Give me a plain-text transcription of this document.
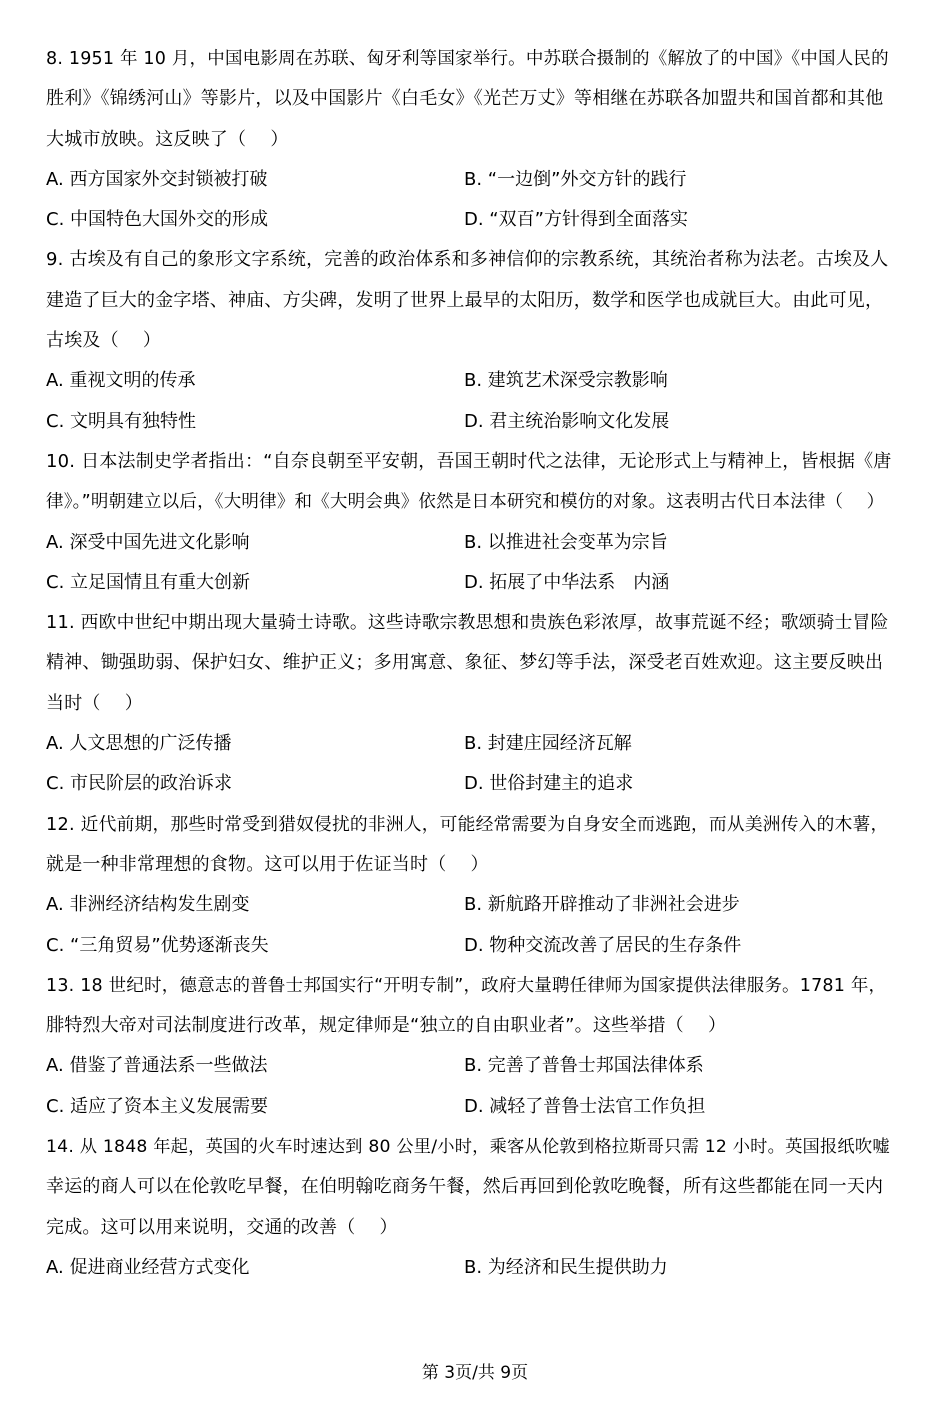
8. 1951 年 10 月，中国电影周在苏联、匈牙利等国家举行。中苏联合摄制的《解放了的中国》《中国人民的
胜利》《锦绣河山》等影片，以及中国影片《白毛女》《光芒万丈》等相继在苏联各加盟共和国首都和其他
大城市放映。这反映了（　 ）
A. 西方国家外交封锁被打破	B. “一边倒”外交方针的践行
C. 中国特色大国外交的形成	D. “双百”方针得到全面落实
9. 古埃及有自己的象形文字系统，完善的政治体系和多神信仰的宗教系统，其统治者称为法老。古埃及人
建造了巨大的金字塔、神庙、方尖碑，发明了世界上最早的太阳历，数学和医学也成就巨大。由此可见，
古埃及（　 ）
A. 重视文明的传承	B. 建筑艺术深受宗教影响
C. 文明具有独特性	D. 君主统治影响文化发展
10. 日本法制史学者指出：“自奈良朝至平安朝，吾国王朝时代之法律，无论形式上与精神上，皆根据《唐
律》。”明朝建立以后，《大明律》和《大明会典》依然是日本研究和模仿的对象。这表明古代日本法律（　 ）
A. 深受中国先进文化影响	B. 以推进社会变革为宗旨
C. 立足国情且有重大创新	D. 拓展了中华法系　内涵
11. 西欧中世纪中期出现大量骑士诗歌。这些诗歌宗教思想和贵族色彩浓厚，故事荒诞不经；歌颂骑士冒险
精神、锄强助弱、保护妇女、维护正义；多用寓意、象征、梦幻等手法，深受老百姓欢迎。这主要反映出
当时（　 ）
A. 人文思想的广泛传播	B. 封建庄园经济瓦解
C. 市民阶层的政治诉求	D. 世俗封建主的追求
12. 近代前期，那些时常受到猎奴侵扰的非洲人，可能经常需要为自身安全而逃跑，而从美洲传入的木薯，
就是一种非常理想的食物。这可以用于佐证当时（　 ）
A. 非洲经济结构发生剧变	B. 新航路开辟推动了非洲社会进步
C. “三角贸易”优势逐渐丧失	D. 物种交流改善了居民的生存条件
13. 18 世纪时，德意志的普鲁士邦国实行“开明专制”，政府大量聘任律师为国家提供法律服务。1781 年，
腓特烈大帝对司法制度进行改革，规定律师是“独立的自由职业者”。这些举措（　 ）
A. 借鉴了普通法系一些做法	B. 完善了普鲁士邦国法律体系
C. 适应了资本主义发展需要	D. 减轻了普鲁士法官工作负担
14. 从 1848 年起，英国的火车时速达到 80 公里/小时，乘客从伦敦到格拉斯哥只需 12 小时。英国报纸吹嘘
幸运的商人可以在伦敦吃早餐，在伯明翰吃商务午餐，然后再回到伦敦吃晚餐，所有这些都能在同一天内
完成。这可以用来说明，交通的改善（　 ）
A. 促进商业经营方式变化	B. 为经济和民生提供助力
第 3页/共 9页
